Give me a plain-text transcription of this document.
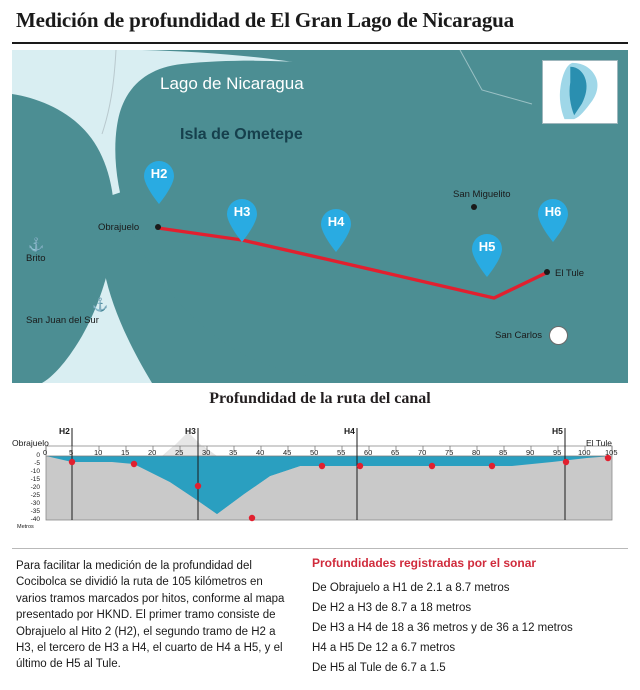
Medición de profundidad de El Gran Lago de Nicaragua
Lago de Nicaragua
Isla de Ometepe
Obrajuelo
⚓
Brito
⚓
San Juan del Sur
San Miguelito
El Tule
San Carlos
H2
H3
H4
H5
H6
Profundidad de la ruta del canal
H2	H3	H4	H5
Obrajuelo	El Tule
0	5	10 15 20 25 30 35 40 45 50 55 60 65 70 75 80 85 90 95 100 105
0
-5
-10
-15
-20
-25
-30
-35
-40
Metros
Para facilitar la medición de la profundidad del Cocibolca se dividió la ruta de 105 kilómetros en varios tramos marcados por hitos, conforme al mapa presentado por HKND. El primer tramo consiste de Obrajuelo al Hito 2 (H2), el segundo tramo de H2 a H3, el tercero de H3 a H4, el cuarto de H4 a H5, y el último de H5 al Tule.
Profundidades registradas por el sonar
De Obrajuelo a H1 de 2.1 a 8.7 metros
De H2 a H3 de 8.7 a 18 metros
De H3 a H4 de 18 a 36 metros y de 36 a 12 metros
H4 a H5 De 12 a 6.7 metros
De H5 al Tule de 6.7 a 1.5
